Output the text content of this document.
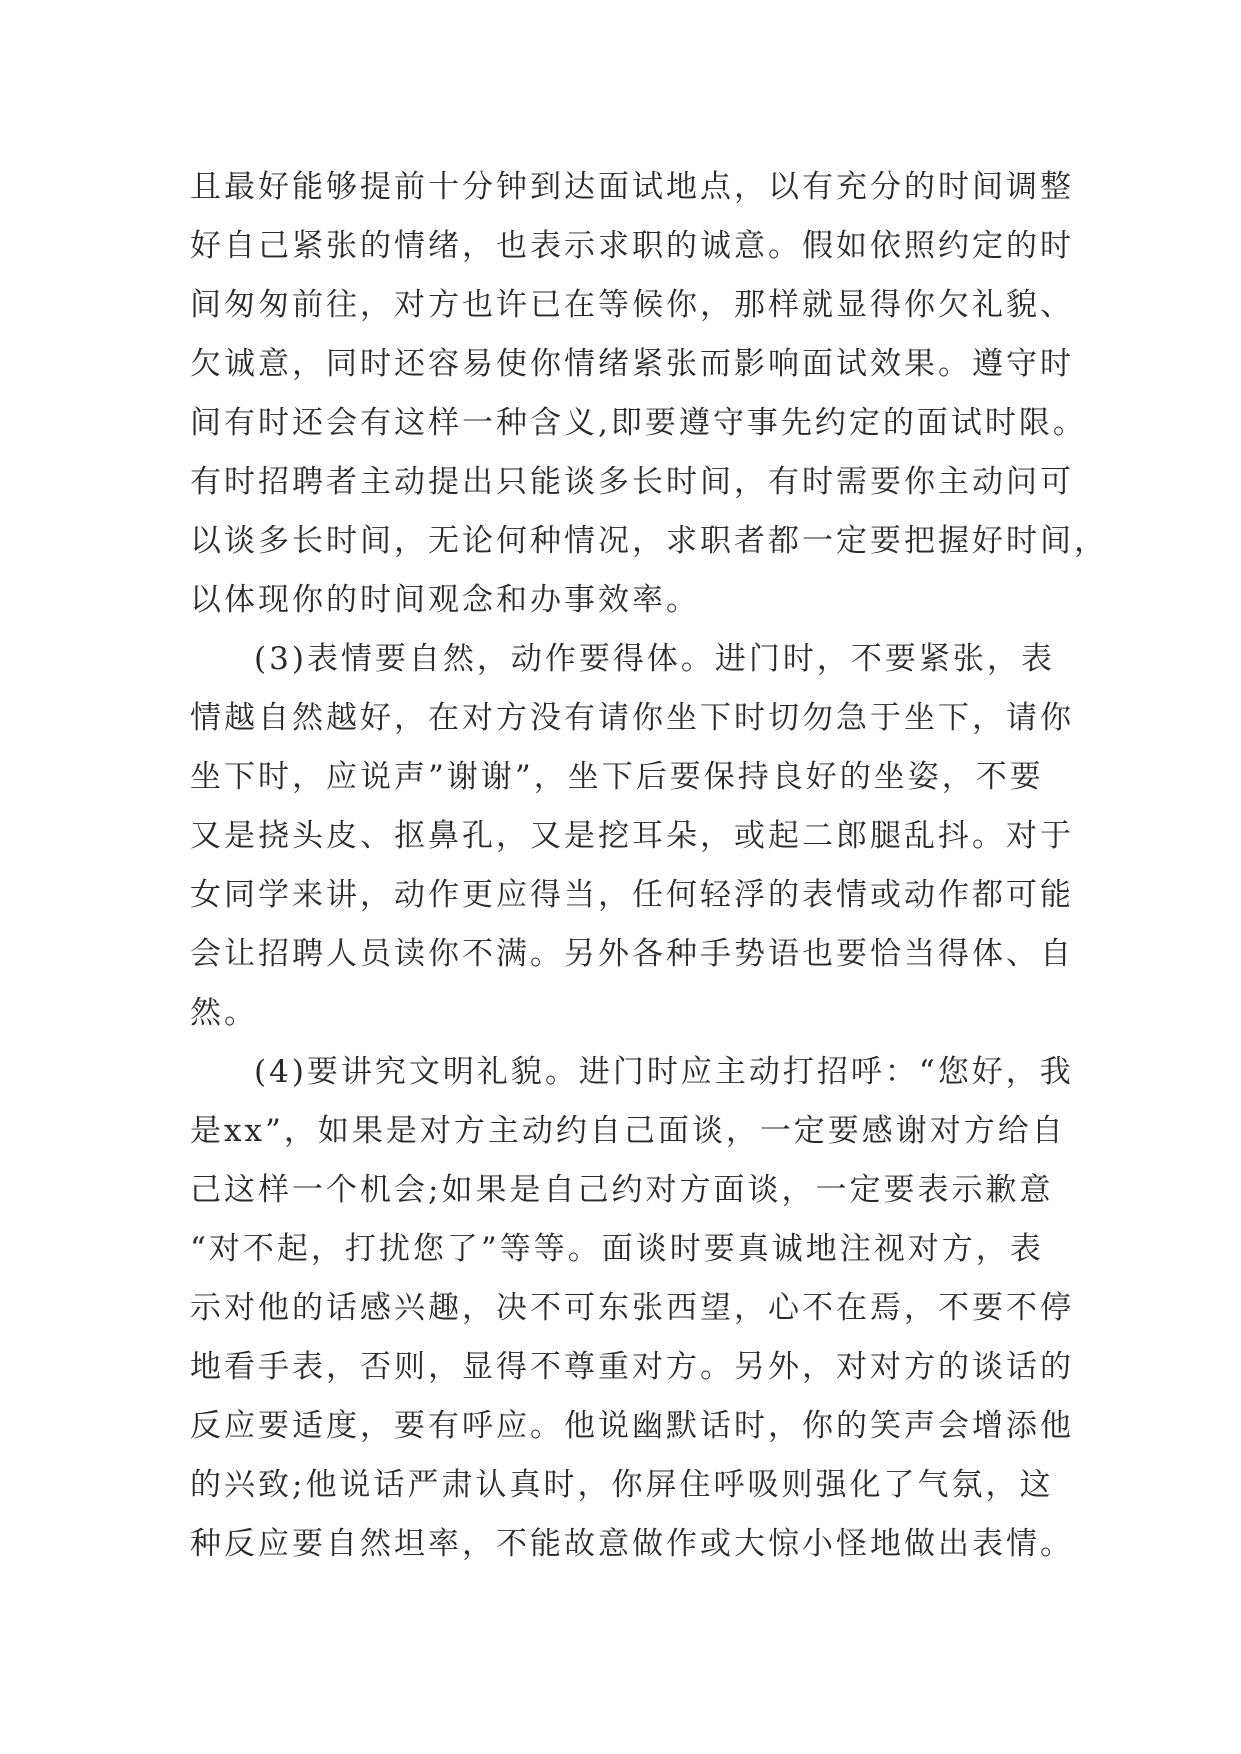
且最好能够提前十分钟到达面试地点，以有充分的时间调整
好自己紧张的情绪，也表示求职的诚意。假如依照约定的时
间匆匆前往，对方也许已在等候你，那样就显得你欠礼貌、
欠诚意，同时还容易使你情绪紧张而影响面试效果。遵守时
间有时还会有这样一种含义,即要遵守事先约定的面试时限。
有时招聘者主动提出只能谈多长时间，有时需要你主动问可
以谈多长时间，无论何种情况，求职者都一定要把握好时间，
以体现你的时间观念和办事效率。
(3)表情要自然，动作要得体。进门时，不要紧张，表
情越自然越好，在对方没有请你坐下时切勿急于坐下，请你
坐下时，应说声”谢谢”，坐下后要保持良好的坐姿，不要
又是挠头皮、抠鼻孔，又是挖耳朵，或起二郎腿乱抖。对于
女同学来讲，动作更应得当，任何轻浮的表情或动作都可能
会让招聘人员读你不满。另外各种手势语也要恰当得体、自
然。
(4)要讲究文明礼貌。进门时应主动打招呼：“您好，我
是xx”，如果是对方主动约自己面谈，一定要感谢对方给自
己这样一个机会;如果是自己约对方面谈，一定要表示歉意
“对不起，打扰您了”等等。面谈时要真诚地注视对方，表
示对他的话感兴趣，决不可东张西望，心不在焉，不要不停
地看手表，否则，显得不尊重对方。另外，对对方的谈话的
反应要适度，要有呼应。他说幽默话时，你的笑声会增添他
的兴致;他说话严肃认真时，你屏住呼吸则强化了气氛，这
种反应要自然坦率，不能故意做作或大惊小怪地做出表情。
